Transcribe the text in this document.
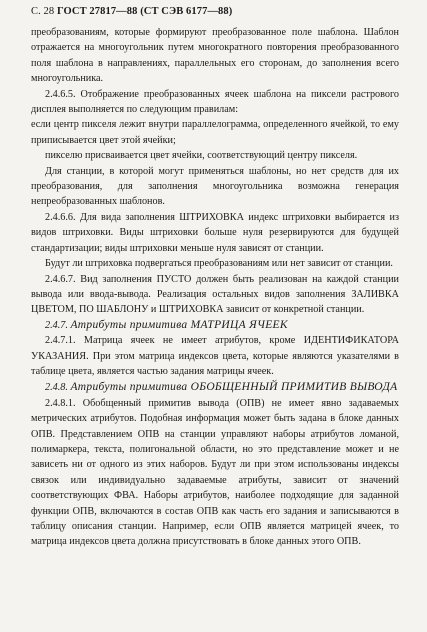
С. 28 ГОСТ 27817—88 (СТ СЭВ 6177—88)

преобразованиям, которые формируют преобразованное поле шаблона. Шаблон отражается на многоугольник путем многократного повторения преобразованного поля шаблона в направлениях, параллельных его сторонам, до заполнения всего многоугольника.

2.4.6.5. Отображение преобразованных ячеек шаблона на пиксели растрового дисплея выполняется по следующим правилам:

если центр пикселя лежит внутри параллелограмма, определенного ячейкой, то ему приписывается цвет этой ячейки;

пикселю присваивается цвет ячейки, соответствующий центру пикселя.

Для станции, в которой могут применяться шаблоны, но нет средств для их преобразования, для заполнения многоугольника возможна генерация непреобразованных шаблонов.

2.4.6.6. Для вида заполнения ШТРИХОВКА индекс штриховки выбирается из видов штриховки. Виды штриховки больше нуля резервируются для будущей стандартизации; виды штриховки меньше нуля зависят от станции.

Будут ли штриховка подвергаться преобразованиям или нет зависит от станции.

2.4.6.7. Вид заполнения ПУСТО должен быть реализован на каждой станции вывода или ввода-вывода. Реализация остальных видов заполнения ЗАЛИВКА ЦВЕТОМ, ПО ШАБЛОНУ и ШТРИХОВКА зависит от конкретной станции.

2.4.7. Атрибуты примитива МАТРИЦА ЯЧЕЕК

2.4.7.1. Матрица ячеек не имеет атрибутов, кроме ИДЕНТИФИКАТОРА УКАЗАНИЯ. При этом матрица индексов цвета, которые являются указателями в таблице цвета, является частью задания матрицы ячеек.

2.4.8. Атрибуты примитива ОБОБЩЕННЫЙ ПРИМИТИВ ВЫВОДА

2.4.8.1. Обобщенный примитив вывода (ОПВ) не имеет явно задаваемых метрических атрибутов. Подобная информация может быть задана в блоке данных ОПВ. Представлением ОПВ на станции управляют наборы атрибутов ломаной, полимаркера, текста, полигональной области, но это представление может и не зависеть ни от одного из этих наборов. Будут ли при этом использованы индексы связок или индивидуально задаваемые атрибуты, зависит от значений соответствующих ФВА. Наборы атрибутов, наиболее подходящие для заданной функции ОПВ, включаются в состав ОПВ как часть его задания и записываются в таблицу описания станции. Например, если ОПВ является матрицей ячеек, то матрица индексов цвета должна присутствовать в блоке данных этого ОПВ.
